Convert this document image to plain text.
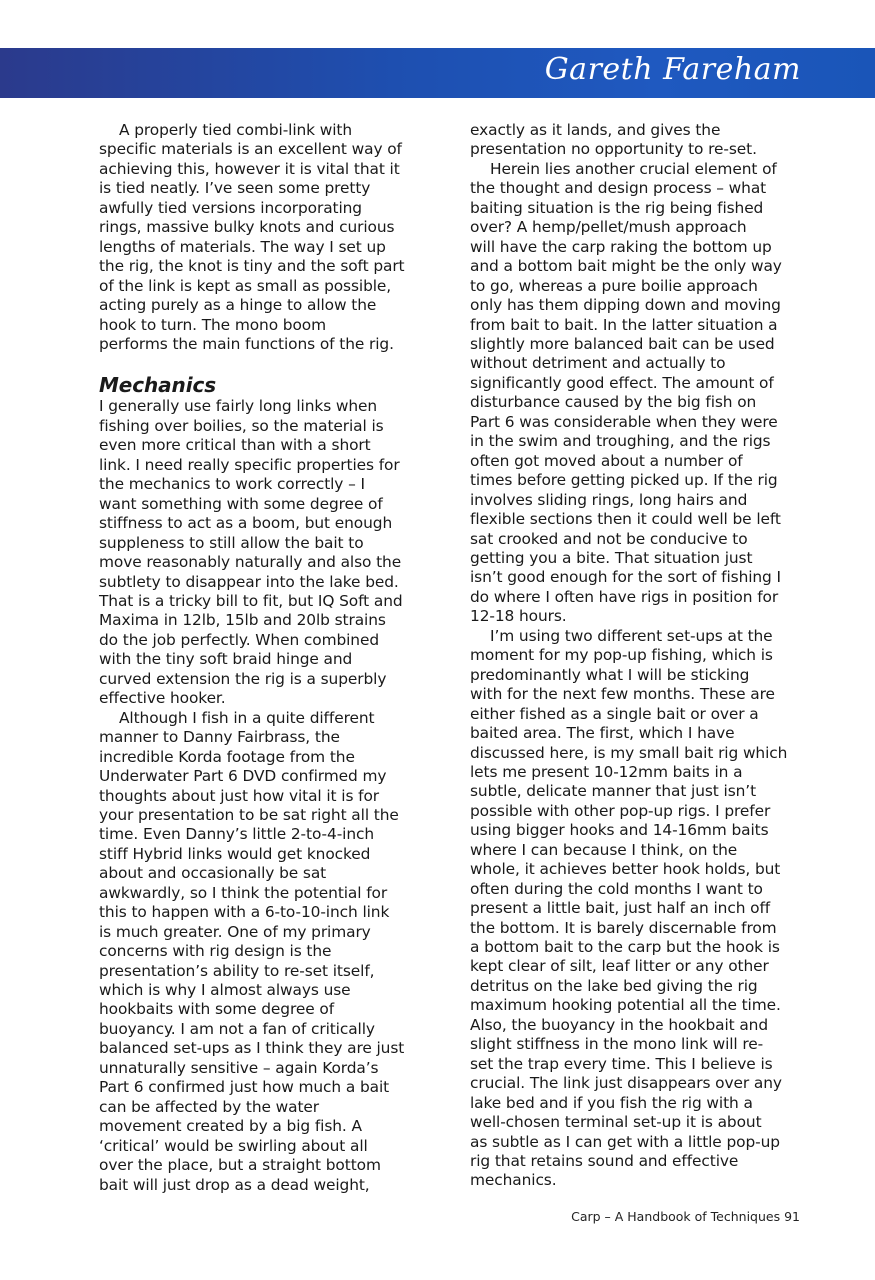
Gareth Fareham
A properly tied combi-link with
specific materials is an excellent way of
achieving this, however it is vital that it
is tied neatly. I’ve seen some pretty
awfully tied versions incorporating
rings, massive bulky knots and curious
lengths of materials. The way I set up
the rig, the knot is tiny and the soft part
of the link is kept as small as possible,
acting purely as a hinge to allow the
hook to turn. The mono boom
performs the main functions of the rig.
Mechanics
I generally use fairly long links when
fishing over boilies, so the material is
even more critical than with a short
link. I need really specific properties for
the mechanics to work correctly – I
want something with some degree of
stiffness to act as a boom, but enough
suppleness to still allow the bait to
move reasonably naturally and also the
subtlety to disappear into the lake bed.
That is a tricky bill to fit, but IQ Soft and
Maxima in 12lb, 15lb and 20lb strains
do the job perfectly. When combined
with the tiny soft braid hinge and
curved extension the rig is a superbly
effective hooker.
Although I fish in a quite different
manner to Danny Fairbrass, the
incredible Korda footage from the
Underwater Part 6 DVD confirmed my
thoughts about just how vital it is for
your presentation to be sat right all the
time. Even Danny’s little 2-to-4-inch
stiff Hybrid links would get knocked
about and occasionally be sat
awkwardly, so I think the potential for
this to happen with a 6-to-10-inch link
is much greater. One of my primary
concerns with rig design is the
presentation’s ability to re-set itself,
which is why I almost always use
hookbaits with some degree of
buoyancy. I am not a fan of critically
balanced set-ups as I think they are just
unnaturally sensitive – again Korda’s
Part 6 confirmed just how much a bait
can be affected by the water
movement created by a big fish. A
‘critical’ would be swirling about all
over the place, but a straight bottom
bait will just drop as a dead weight,
exactly as it lands, and gives the
presentation no opportunity to re-set.
Herein lies another crucial element of
the thought and design process – what
baiting situation is the rig being fished
over? A hemp/pellet/mush approach
will have the carp raking the bottom up
and a bottom bait might be the only way
to go, whereas a pure boilie approach
only has them dipping down and moving
from bait to bait. In the latter situation a
slightly more balanced bait can be used
without detriment and actually to
significantly good effect. The amount of
disturbance caused by the big fish on
Part 6 was considerable when they were
in the swim and troughing, and the rigs
often got moved about a number of
times before getting picked up. If the rig
involves sliding rings, long hairs and
flexible sections then it could well be left
sat crooked and not be conducive to
getting you a bite. That situation just
isn’t good enough for the sort of fishing I
do where I often have rigs in position for
12-18 hours.
I’m using two different set-ups at the
moment for my pop-up fishing, which is
predominantly what I will be sticking
with for the next few months. These are
either fished as a single bait or over a
baited area. The first, which I have
discussed here, is my small bait rig which
lets me present 10-12mm baits in a
subtle, delicate manner that just isn’t
possible with other pop-up rigs. I prefer
using bigger hooks and 14-16mm baits
where I can because I think, on the
whole, it achieves better hook holds, but
often during the cold months I want to
present a little bait, just half an inch off
the bottom. It is barely discernable from
a bottom bait to the carp but the hook is
kept clear of silt, leaf litter or any other
detritus on the lake bed giving the rig
maximum hooking potential all the time.
Also, the buoyancy in the hookbait and
slight stiffness in the mono link will re-
set the trap every time. This I believe is
crucial. The link just disappears over any
lake bed and if you fish the rig with a
well-chosen terminal set-up it is about
as subtle as I can get with a little pop-up
rig that retains sound and effective
mechanics.
Carp – A Handbook of Techniques 91
